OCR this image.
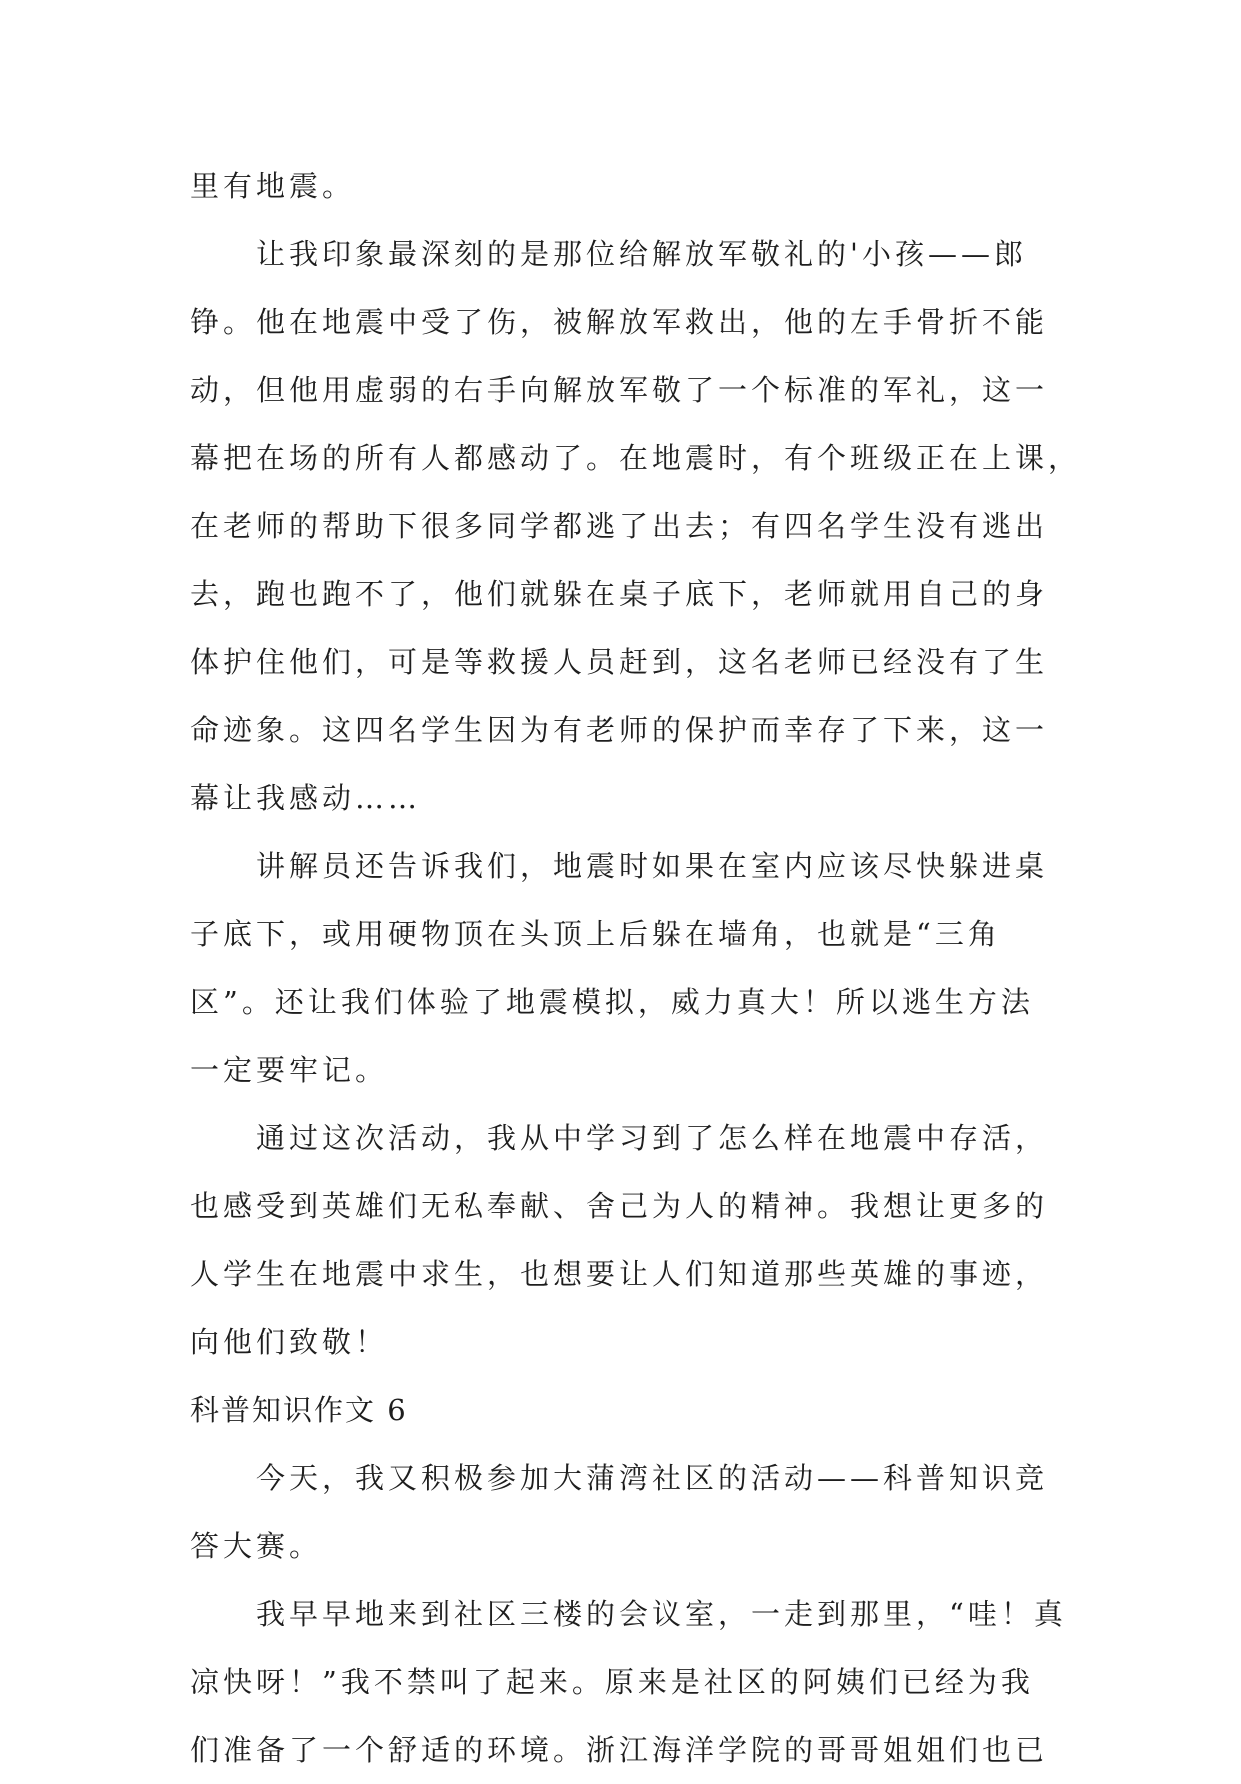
里有地震。
让我印象最深刻的是那位给解放军敬礼的'小孩——郎
铮。他在地震中受了伤，被解放军救出，他的左手骨折不能
动，但他用虚弱的右手向解放军敬了一个标准的军礼，这一
幕把在场的所有人都感动了。在地震时，有个班级正在上课，
在老师的帮助下很多同学都逃了出去；有四名学生没有逃出
去，跑也跑不了，他们就躲在桌子底下，老师就用自己的身
体护住他们，可是等救援人员赶到，这名老师已经没有了生
命迹象。这四名学生因为有老师的保护而幸存了下来，这一
幕让我感动……
讲解员还告诉我们，地震时如果在室内应该尽快躲进桌
子底下，或用硬物顶在头顶上后躲在墙角，也就是“三角
区”。还让我们体验了地震模拟，威力真大！所以逃生方法
一定要牢记。
通过这次活动，我从中学习到了怎么样在地震中存活，
也感受到英雄们无私奉献、舍己为人的精神。我想让更多的
人学生在地震中求生，也想要让人们知道那些英雄的事迹，
向他们致敬！
科普知识作文 6
今天，我又积极参加大蒲湾社区的活动——科普知识竞
答大赛。
我早早地来到社区三楼的会议室，一走到那里，“哇！真
凉快呀！”我不禁叫了起来。原来是社区的阿姨们已经为我
们准备了一个舒适的环境。浙江海洋学院的哥哥姐姐们也已
